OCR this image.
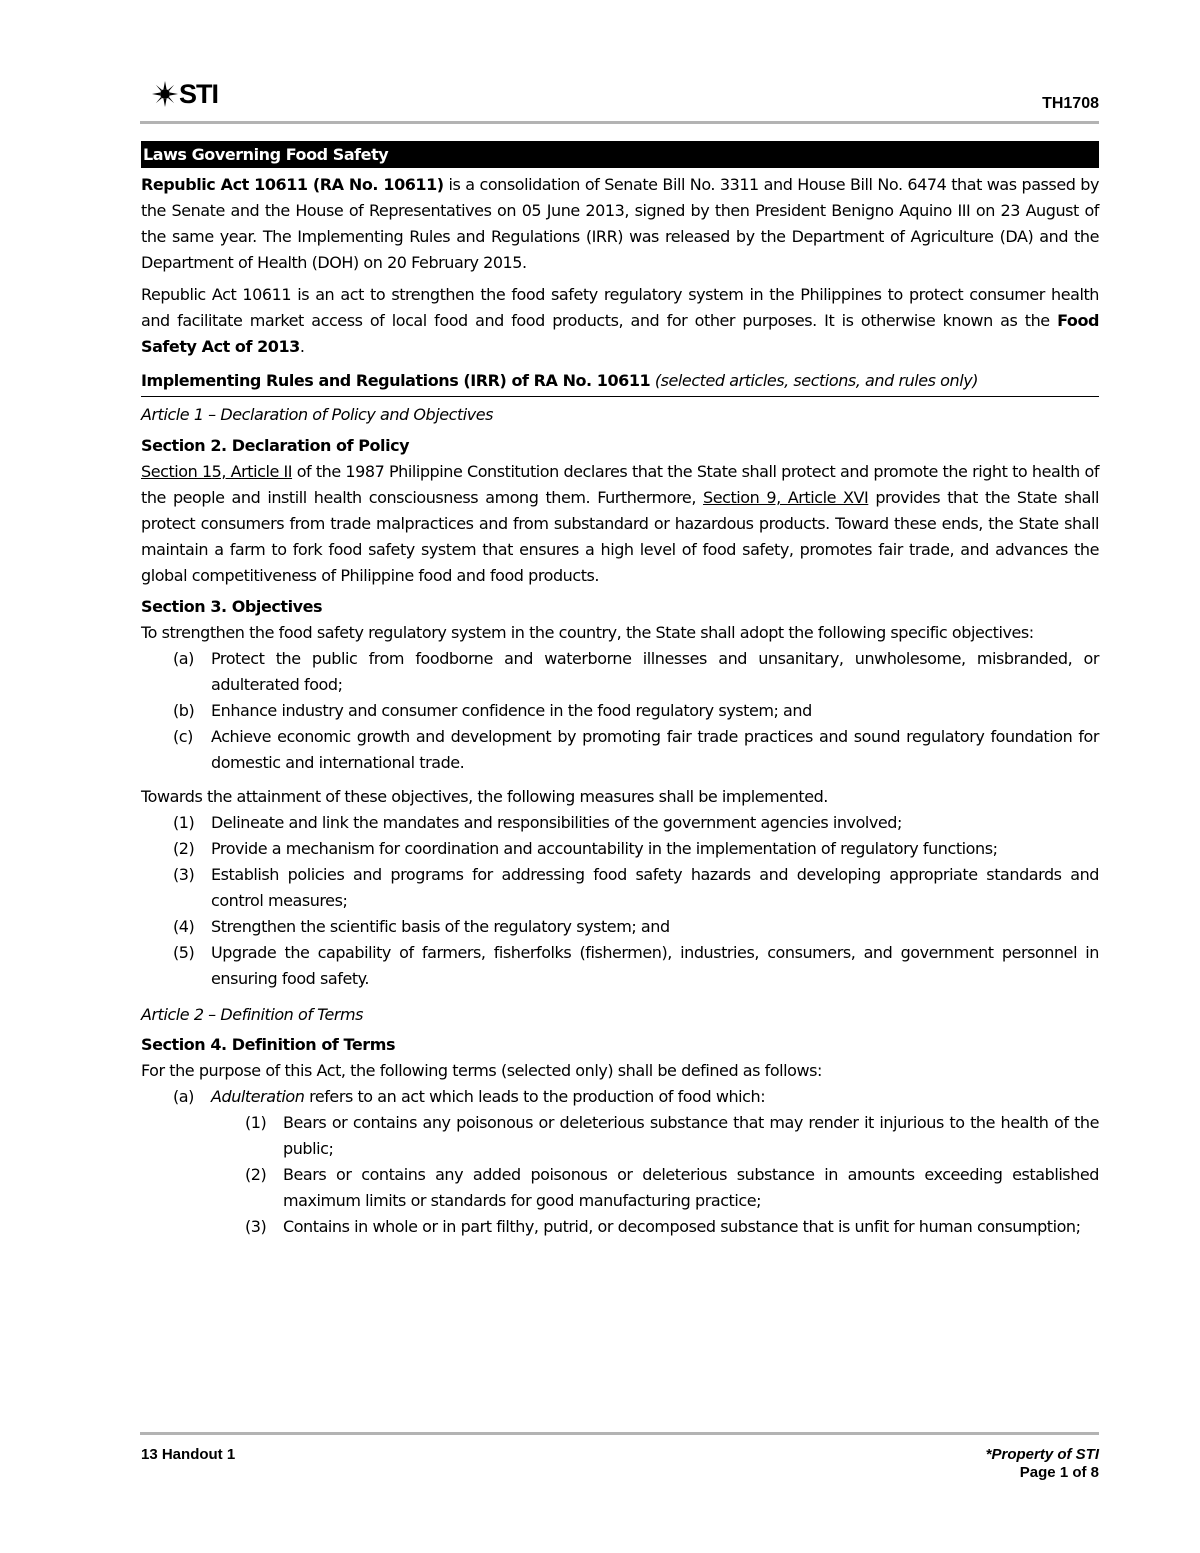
STI	TH1708
Laws Governing Food Safety

Republic Act 10611 (RA No. 10611) is a consolidation of Senate Bill No. 3311 and House Bill No. 6474 that was passed by the Senate and the House of Representatives on 05 June 2013, signed by then President Benigno Aquino III on 23 August of the same year. The Implementing Rules and Regulations (IRR) was released by the Department of Agriculture (DA) and the Department of Health (DOH) on 20 February 2015.

Republic Act 10611 is an act to strengthen the food safety regulatory system in the Philippines to protect consumer health and facilitate market access of local food and food products, and for other purposes. It is otherwise known as the Food Safety Act of 2013.

Implementing Rules and Regulations (IRR) of RA No. 10611 (selected articles, sections, and rules only)

Article 1 – Declaration of Policy and Objectives

Section 2. Declaration of Policy

Section 15, Article II of the 1987 Philippine Constitution declares that the State shall protect and promote the right to health of the people and instill health consciousness among them. Furthermore, Section 9, Article XVI provides that the State shall protect consumers from trade malpractices and from substandard or hazardous products. Toward these ends, the State shall maintain a farm to fork food safety system that ensures a high level of food safety, promotes fair trade, and advances the global competitiveness of Philippine food and food products.

Section 3. Objectives

To strengthen the food safety regulatory system in the country, the State shall adopt the following specific objectives:

(a)	Protect the public from foodborne and waterborne illnesses and unsanitary, unwholesome, misbranded, or adulterated food;
(b)	Enhance industry and consumer confidence in the food regulatory system; and
(c)	Achieve economic growth and development by promoting fair trade practices and sound regulatory foundation for domestic and international trade.

Towards the attainment of these objectives, the following measures shall be implemented.

(1)	Delineate and link the mandates and responsibilities of the government agencies involved;
(2)	Provide a mechanism for coordination and accountability in the implementation of regulatory functions;
(3)	Establish policies and programs for addressing food safety hazards and developing appropriate standards and control measures;
(4)	Strengthen the scientific basis of the regulatory system; and
(5)	Upgrade the capability of farmers, fisherfolks (fishermen), industries, consumers, and government personnel in ensuring food safety.

Article 2 – Definition of Terms

Section 4. Definition of Terms

For the purpose of this Act, the following terms (selected only) shall be defined as follows:

(a)	Adulteration refers to an act which leads to the production of food which:
(1)	Bears or contains any poisonous or deleterious substance that may render it injurious to the health of the public;
(2)	Bears or contains any added poisonous or deleterious substance in amounts exceeding established maximum limits or standards for good manufacturing practice;
(3)	Contains in whole or in part filthy, putrid, or decomposed substance that is unfit for human consumption;
13 Handout 1	*Property of STI
Page 1 of 8
